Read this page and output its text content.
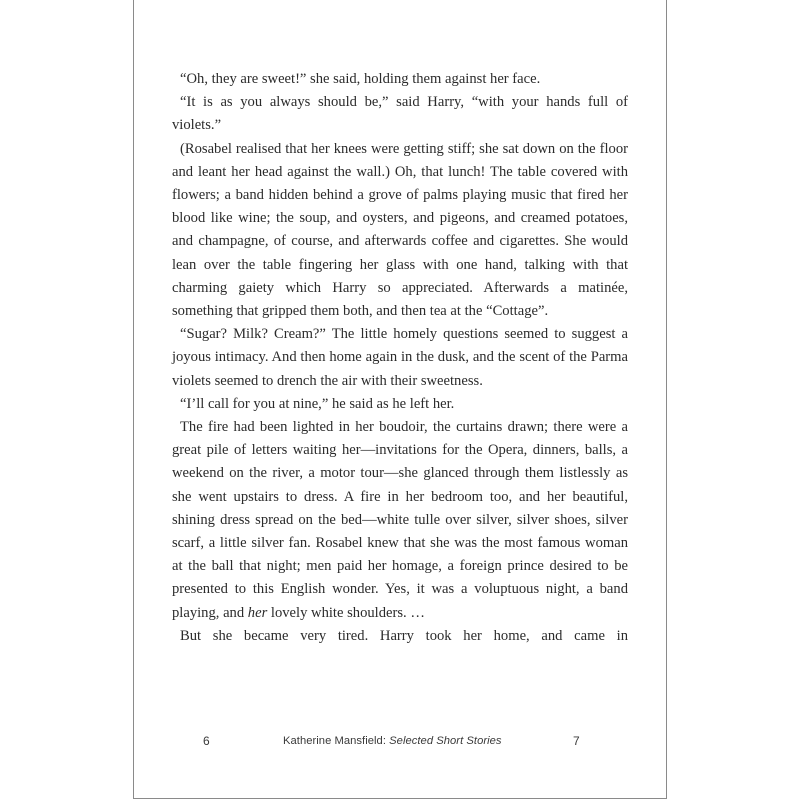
“Oh, they are sweet!” she said, holding them against her face.

“It is as you always should be,” said Harry, “with your hands full of violets.”

(Rosabel realised that her knees were getting stiff; she sat down on the floor and leant her head against the wall.) Oh, that lunch! The table covered with flowers; a band hidden behind a grove of palms playing music that fired her blood like wine; the soup, and oysters, and pigeons, and creamed potatoes, and champagne, of course, and afterwards coffee and cigarettes. She would lean over the table fingering her glass with one hand, talking with that charming gaiety which Harry so appreciated. Afterwards a matinée, something that gripped them both, and then tea at the “Cottage”.

“Sugar? Milk? Cream?” The little homely questions seemed to suggest a joyous intimacy. And then home again in the dusk, and the scent of the Parma violets seemed to drench the air with their sweetness.

“I’ll call for you at nine,” he said as he left her.

The fire had been lighted in her boudoir, the curtains drawn; there were a great pile of letters waiting her—invitations for the Opera, dinners, balls, a weekend on the river, a motor tour—she glanced through them listlessly as she went upstairs to dress. A fire in her bedroom too, and her beautiful, shining dress spread on the bed—white tulle over silver, silver shoes, silver scarf, a little silver fan. Rosabel knew that she was the most famous woman at the ball that night; men paid her homage, a foreign prince desired to be presented to this English wonder. Yes, it was a voluptuous night, a band playing, and her lovely white shoulders. …

But she became very tired. Harry took her home, and came in

6	Katherine Mansfield: Selected Short Stories	7
